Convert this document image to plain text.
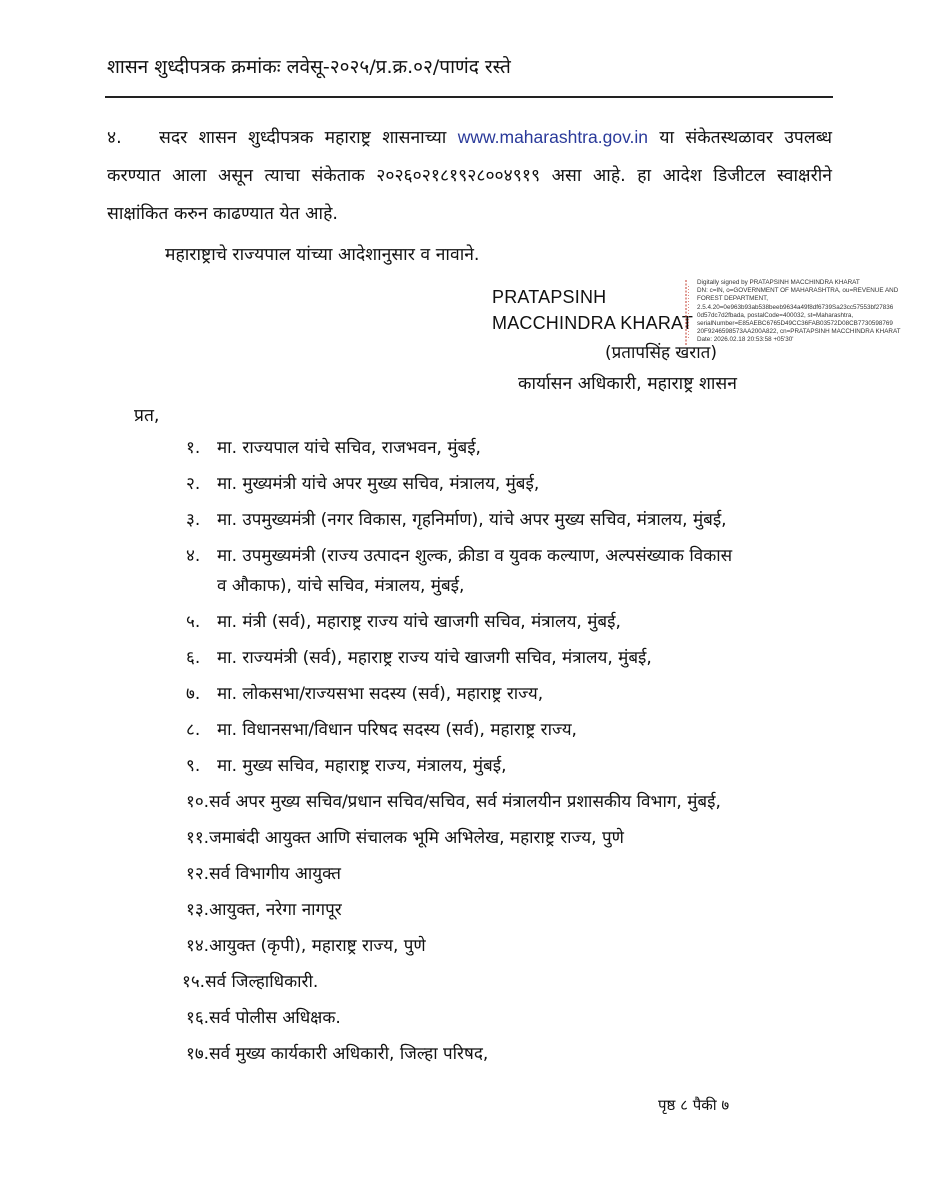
शासन शुध्दीपत्रक क्रमांकः लवेसू-२०२५/प्र.क्र.०२/पाणंद रस्ते
४. सदर शासन शुध्दीपत्रक महाराष्ट्र शासनाच्या www.maharashtra.gov.in या संकेतस्थळावर उपलब्ध करण्यात आला असून त्याचा संकेताक २०२६०२१८१९२८००४९१९ असा आहे. हा आदेश डिजीटल स्वाक्षरीने साक्षांकित करुन काढण्यात येत आहे.
महाराष्ट्राचे राज्यपाल यांच्या आदेशानुसार व नावाने.
PRATAPSINH
MACCHINDRA KHARAT
Digitally signed by PRATAPSINH MACCHINDRA KHARAT
DN: c=IN, o=GOVERNMENT OF MAHARASHTRA, ou=REVENUE AND
FOREST DEPARTMENT,
2.5.4.20=0e963b93ab538beeb9634a49f8df6739Sa23cc57553bf27836
0d57dc7d2fbada, postalCode=400032, st=Maharashtra,
serialNumber=E85AEBC6765D49CC36FAB03572D08CB7730598769
20F9246598573AA200A822, cn=PRATAPSINH MACCHINDRA KHARAT
Date: 2026.02.18 20:53:58 +05'30'
(प्रतापसिंह खरात)
कार्यासन अधिकारी, महाराष्ट्र शासन
प्रत,
१. मा. राज्यपाल यांचे सचिव, राजभवन, मुंबई,
२. मा. मुख्यमंत्री यांचे अपर मुख्य सचिव, मंत्रालय, मुंबई,
३. मा. उपमुख्यमंत्री (नगर विकास, गृहनिर्माण), यांचे अपर मुख्य सचिव, मंत्रालय, मुंबई,
४. मा. उपमुख्यमंत्री (राज्य उत्पादन शुल्क, क्रीडा व युवक कल्याण, अल्पसंख्याक विकास
व औकाफ), यांचे सचिव, मंत्रालय, मुंबई,
५. मा. मंत्री (सर्व), महाराष्ट्र राज्य यांचे खाजगी सचिव, मंत्रालय, मुंबई,
६. मा. राज्यमंत्री (सर्व), महाराष्ट्र राज्य यांचे खाजगी सचिव, मंत्रालय, मुंबई,
७. मा. लोकसभा/राज्यसभा सदस्य (सर्व), महाराष्ट्र राज्य,
८. मा. विधानसभा/विधान परिषद सदस्य (सर्व), महाराष्ट्र राज्य,
९. मा. मुख्य सचिव, महाराष्ट्र राज्य, मंत्रालय, मुंबई,
१०.सर्व अपर मुख्य सचिव/प्रधान सचिव/सचिव, सर्व मंत्रालयीन प्रशासकीय विभाग, मुंबई,
११.जमाबंदी आयुक्त आणि संचालक भूमि अभिलेख, महाराष्ट्र राज्य, पुणे
१२.सर्व विभागीय आयुक्त
१३.आयुक्त, नरेगा नागपूर
१४.आयुक्त (कृपी), महाराष्ट्र राज्य, पुणे
१५.सर्व जिल्हाधिकारी.
१६.सर्व पोलीस अधिक्षक.
१७.सर्व मुख्य कार्यकारी अधिकारी, जिल्हा परिषद,
पृष्ठ ८ पैकी ७
